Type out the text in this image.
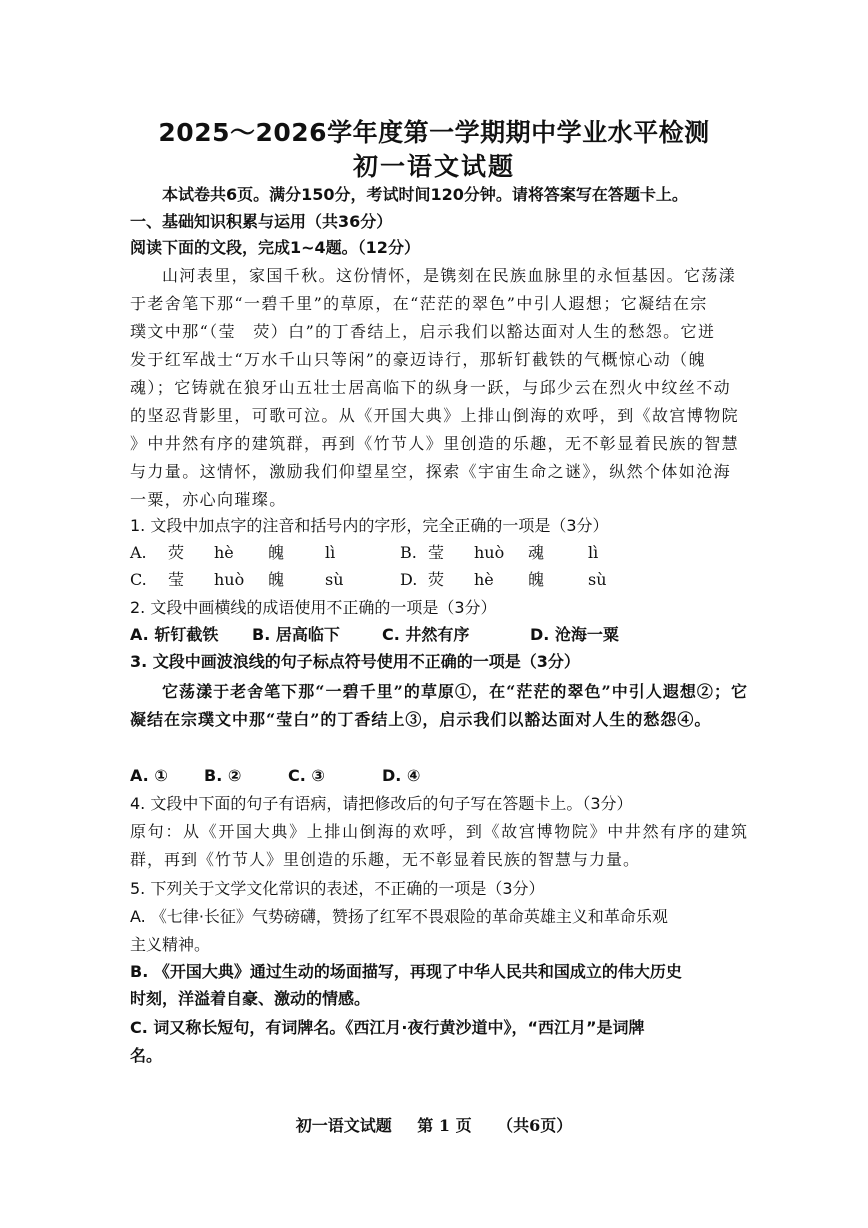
2025～2026学年度第一学期期中学业水平检测
初一语文试题
本试卷共6页。满分150分，考试时间120分钟。请将答案写在答题卡上。
一、基础知识积累与运用（共36分）
阅读下面的文段，完成1~4题。（12分）
山河表里，家国千秋。这份情怀，是镌刻在民族血脉里的永恒基因。它荡漾
于老舍笔下那“一碧千里”的草原，在“茫茫的翠色”中引人遐想；它凝结在宗
璞文中那“（莹　荧）白”的丁香结上，启示我们以豁达面对人生的愁怨。它迸
发于红军战士“万水千山只等闲”的豪迈诗行，那斩钉截铁的气概惊心动（魄
魂）；它铸就在狼牙山五壮士居高临下的纵身一跃，与邱少云在烈火中纹丝不动
的坚忍背影里，可歌可泣。从《开国大典》上排山倒海的欢呼，到《故宫博物院
》中井然有序的建筑群，再到《竹节人》里创造的乐趣，无不彰显着民族的智慧
与力量。这情怀，激励我们仰望星空，探索《宇宙生命之谜》，纵然个体如沧海
一粟，亦心向璀璨。
1. 文段中加点字的注音和括号内的字形，完全正确的一项是（3分）
A. 荧 hè 魄	lì	B. 莹 huò 魂	lì
C. 莹 huò 魄	sù	D. 荧 hè 魄	sù
2. 文段中画横线的成语使用不正确的一项是（3分）
A. 斩钉截铁 B. 居高临下	C. 井然有序	D. 沧海一粟
3. 文段中画波浪线的句子标点符号使用不正确的一项是（3分）
它荡漾于老舍笔下那“一碧千里”的草原①，在“茫茫的翠色”中引人遐想②；它凝结在宗璞文中那“莹白”的丁香结上③，启示我们以豁达面对人生的愁怨④。
A. ① B. ②	C. ③	D. ④
4. 文段中下面的句子有语病，请把修改后的句子写在答题卡上。（3分）
原句：从《开国大典》上排山倒海的欢呼，到《故宫博物院》中井然有序的建筑群，再到《竹节人》里创造的乐趣，无不彰显着民族的智慧与力量。
5. 下列关于文学文化常识的表述，不正确的一项是（3分）
A. 《七律·长征》气势磅礴，赞扬了红军不畏艰险的革命英雄主义和革命乐观
主义精神。
B. 《开国大典》通过生动的场面描写，再现了中华人民共和国成立的伟大历史
时刻，洋溢着自豪、激动的情感。
C. 词又称长短句，有词牌名。《西江月·夜行黄沙道中》，“西江月”是词牌
名。
初一语文试题 第 1 页 （共6页）
